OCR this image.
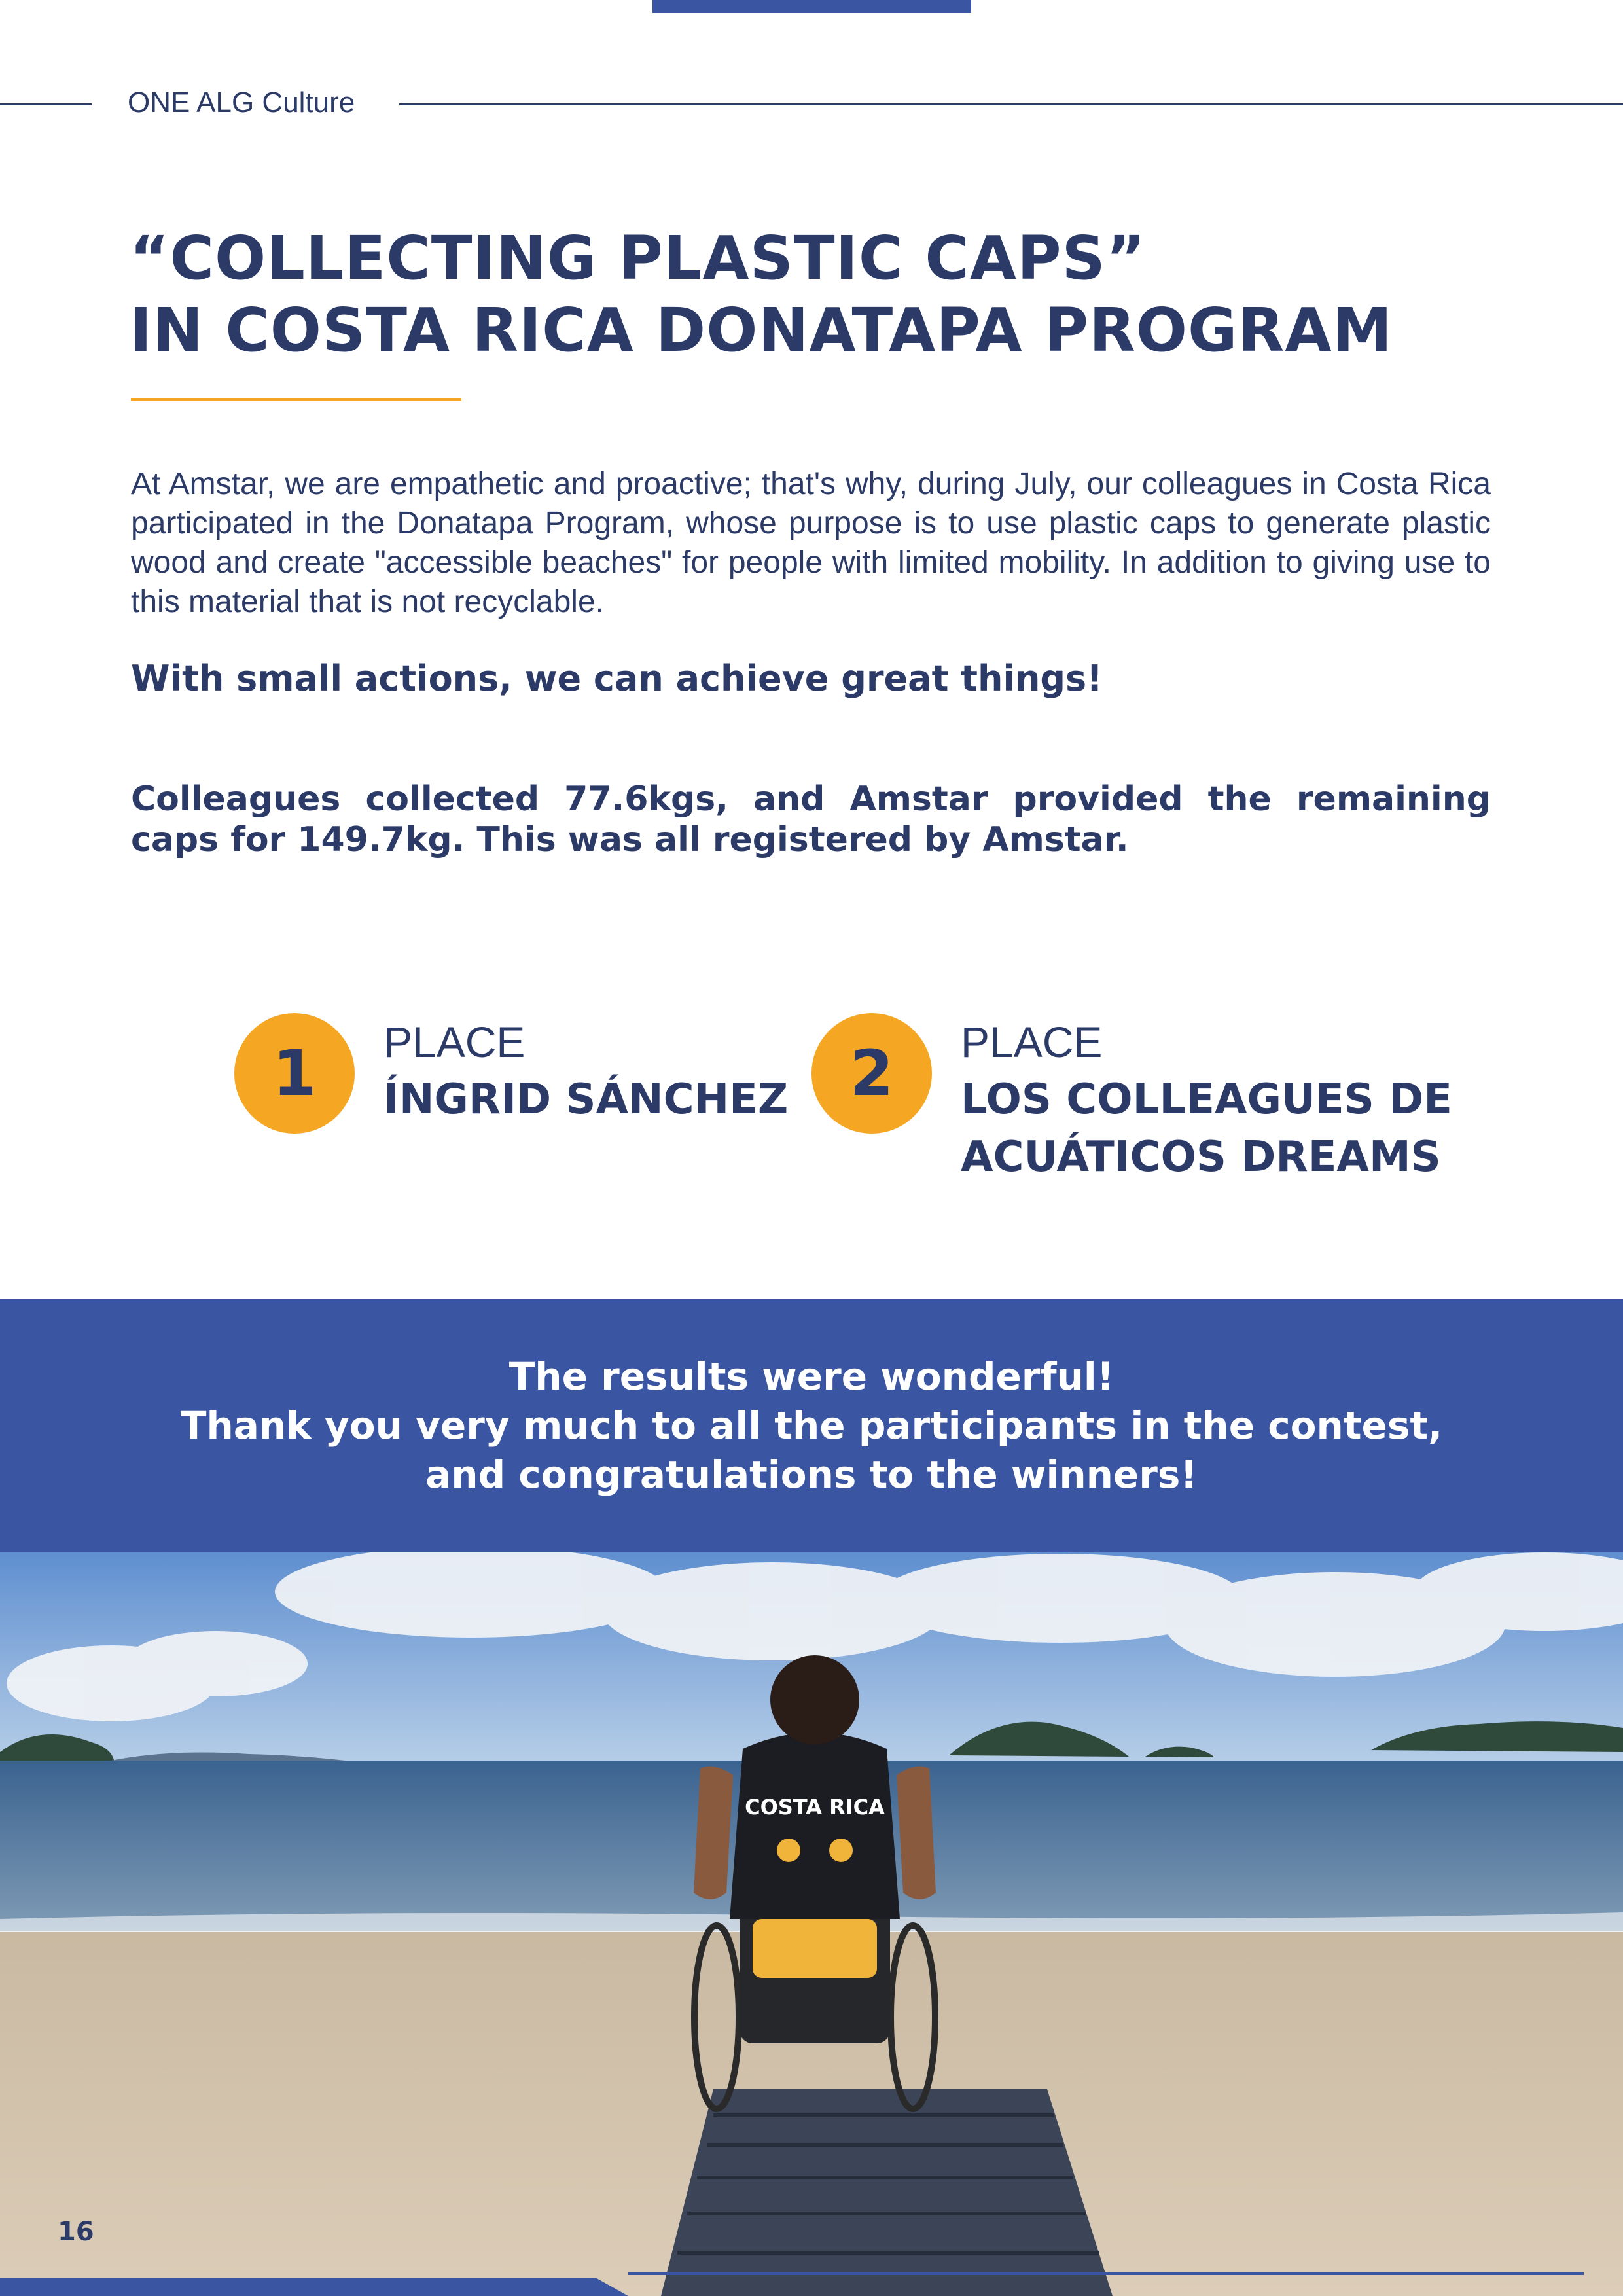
ONE ALG Culture
“COLLECTING PLASTIC CAPS”
IN COSTA RICA DONATAPA PROGRAM

At Amstar, we are empathetic and proactive; that's why, during July, our colleagues in Costa Rica participated in the Donatapa Program, whose purpose is to use plastic caps to generate plastic wood and create "accessible beaches" for people with limited mobility. In addition to giving use to this material that is not recyclable.

With small actions, we can achieve great things!

Colleagues collected 77.6kgs, and Amstar provided the remaining caps for 149.7kg. This was all registered by Amstar.

1	PLACE
ÍNGRID SÁNCHEZ 2	PLACE
LOS COLLEAGUES DE
ACUÁTICOS DREAMS
The results were wonderful!
Thank you very much to all the participants in the contest,
and congratulations to the winners!
COSTA RICA
16
